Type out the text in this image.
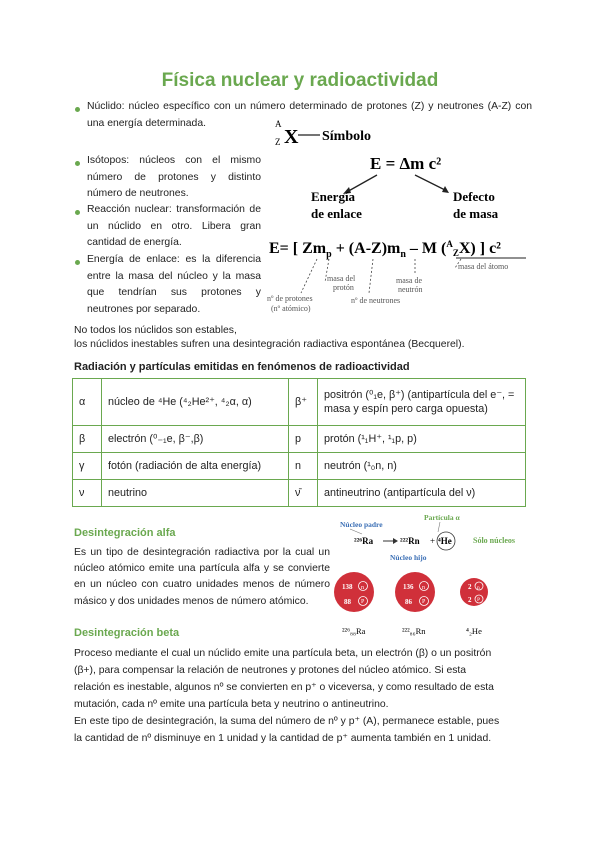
Física nuclear y radioactividad
Núclido: núcleo específico con un número determinado de protones (Z) y neutrones (A-Z) con una energía determinada.
Isótopos: núcleos con el mismo número de protones y distinto número de neutrones.
Reacción nuclear: transformación de un núclido en otro. Libera gran cantidad de energía.
Energía de enlace: es la diferencia entre la masa del núcleo y la masa que tendrían sus protones y neutrones por separado.
A
Z X Símbolo
E = Δm c²
Energía
de enlace
Defecto
de masa
E= [ $Zm_p + (A-Z)m_n - M$ ($^A_Z$X) ] c²
masa del
protón
masa de
neutrón
masa del átomo
nº de protones
(nº atómico)
nº de neutrones
No todos los núclidos son estables,
los núclidos inestables sufren una desintegración radiactiva espontánea (Becquerel).
Radiación y partículas emitidas en fenómenos de radioactividad
α	núcleo de ⁴He (⁴₂He²⁺, ⁴₂α, α)	β⁺	positrón (⁰₁e, β⁺) (antipartícula del e⁻, = masa y espín pero carga opuesta)
β	electrón (⁰₋₁e, β⁻,β)	p	protón (¹₁H⁺, ¹₁p, p)
γ	fotón (radiación de alta energía)	n	neutrón (¹₀n, n)
ν	neutrino	ν̄	antineutrino (antipartícula del ν)
Desintegración alfa
Es un tipo de desintegración radiactiva por la cual un núcleo atómico emite una partícula alfa y se convierte en un núcleo con cuatro unidades menos de número másico y dos unidades menos de número atómico.
Núcleo padre
Partícula α
²²⁶Ra	²²²Rn + ⁴He	Sólo núcleos
Núcleo hijo
138
88
n
P
136
86
n
P
2
2
n
P
²²⁶₈₈Ra	²²²₈₆Rn	⁴₂He
Desintegración beta
Proceso mediante el cual un núclido emite una partícula beta, un electrón (β) o un positrón
(β+), para compensar la relación de neutrones y protones del núcleo atómico. Si esta
relación es inestable, algunos nº se convierten en p⁺ o viceversa, y como resultado de esta
mutación, cada nº emite una partícula beta y neutrino o antineutrino.
En este tipo de desintegración, la suma del número de nº y p⁺ (A), permanece estable, pues
la cantidad de nº disminuye en 1 unidad y la cantidad de p⁺ aumenta también en 1 unidad.
